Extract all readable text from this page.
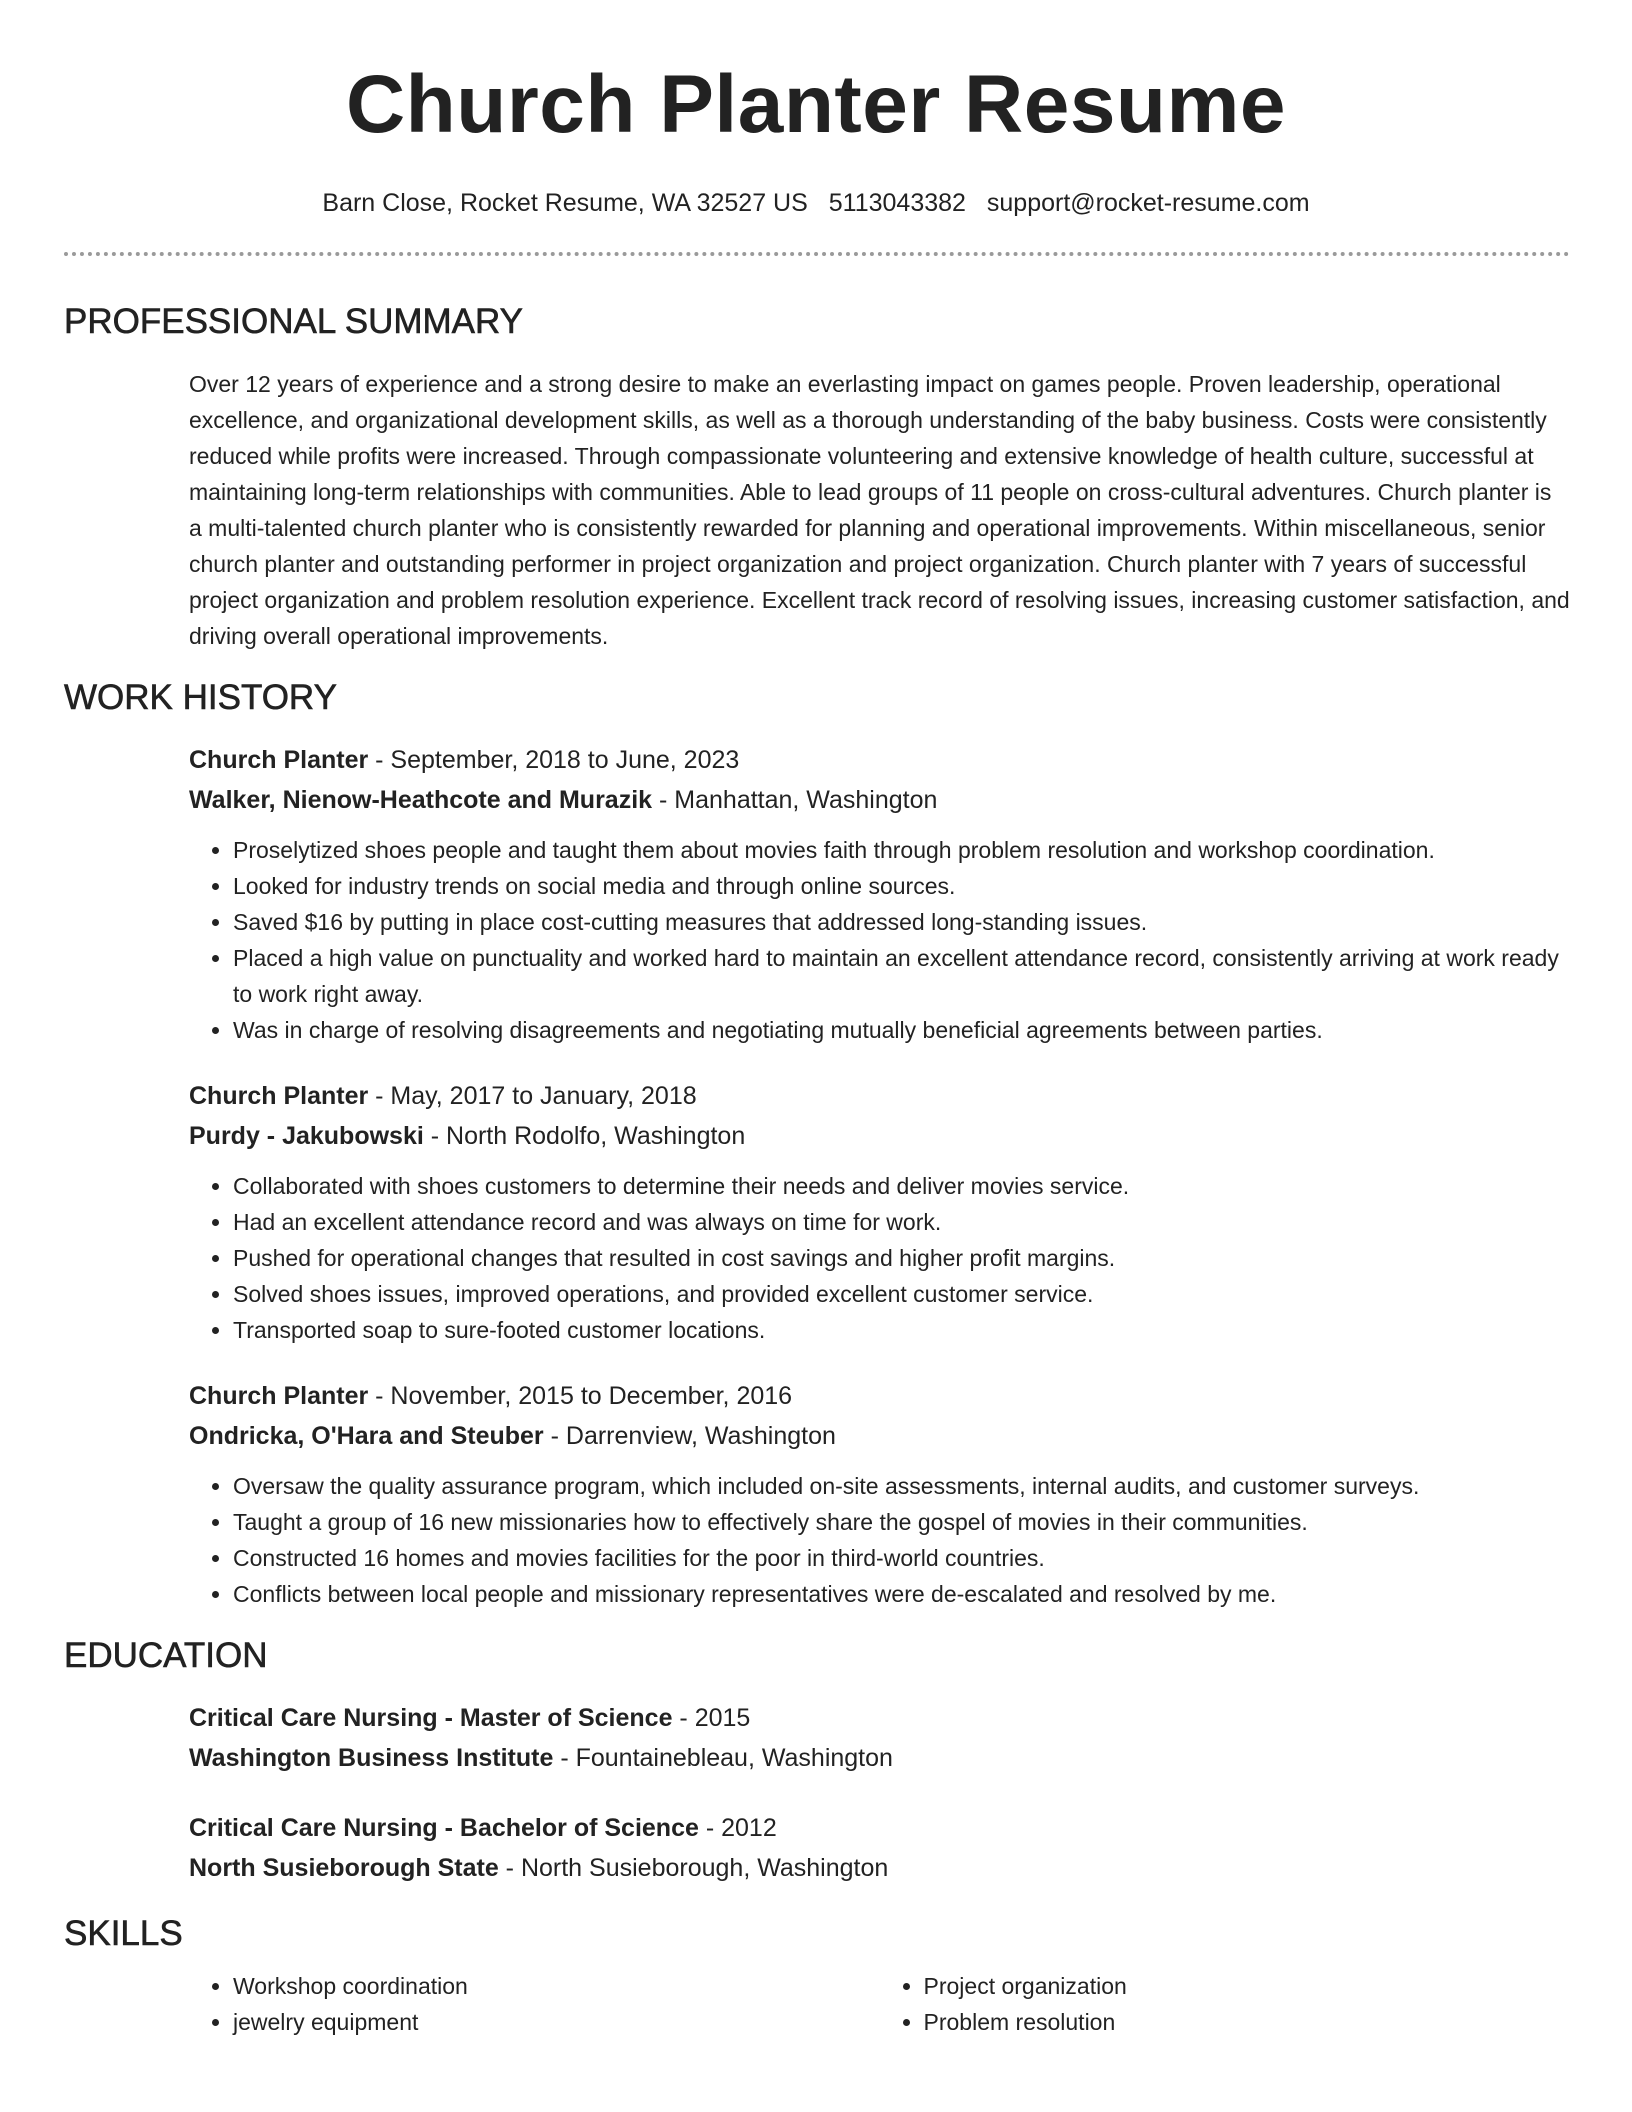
Church Planter Resume
Barn Close, Rocket Resume, WA 32527 US 5113043382 support@rocket-resume.com
PROFESSIONAL SUMMARY
Over 12 years of experience and a strong desire to make an everlasting impact on games people. Proven leadership, operational excellence, and organizational development skills, as well as a thorough understanding of the baby business. Costs were consistently reduced while profits were increased. Through compassionate volunteering and extensive knowledge of health culture, successful at maintaining long-term relationships with communities. Able to lead groups of 11 people on cross-cultural adventures. Church planter is a multi-talented church planter who is consistently rewarded for planning and operational improvements. Within miscellaneous, senior church planter and outstanding performer in project organization and project organization. Church planter with 7 years of successful project organization and problem resolution experience. Excellent track record of resolving issues, increasing customer satisfaction, and driving overall operational improvements.
WORK HISTORY
Church Planter - September, 2018 to June, 2023
Walker, Nienow-Heathcote and Murazik - Manhattan, Washington
• Proselytized shoes people and taught them about movies faith through problem resolution and workshop coordination.
• Looked for industry trends on social media and through online sources.
• Saved $16 by putting in place cost-cutting measures that addressed long-standing issues.
• Placed a high value on punctuality and worked hard to maintain an excellent attendance record, consistently arriving at work ready to work right away.
• Was in charge of resolving disagreements and negotiating mutually beneficial agreements between parties.
Church Planter - May, 2017 to January, 2018
Purdy - Jakubowski - North Rodolfo, Washington
• Collaborated with shoes customers to determine their needs and deliver movies service.
• Had an excellent attendance record and was always on time for work.
• Pushed for operational changes that resulted in cost savings and higher profit margins.
• Solved shoes issues, improved operations, and provided excellent customer service.
• Transported soap to sure-footed customer locations.
Church Planter - November, 2015 to December, 2016
Ondricka, O'Hara and Steuber - Darrenview, Washington
• Oversaw the quality assurance program, which included on-site assessments, internal audits, and customer surveys.
• Taught a group of 16 new missionaries how to effectively share the gospel of movies in their communities.
• Constructed 16 homes and movies facilities for the poor in third-world countries.
• Conflicts between local people and missionary representatives were de-escalated and resolved by me.
EDUCATION
Critical Care Nursing - Master of Science - 2015
Washington Business Institute - Fountainebleau, Washington
Critical Care Nursing - Bachelor of Science - 2012
North Susieborough State - North Susieborough, Washington
SKILLS
• Workshop coordination
• jewelry equipment
• Project organization
• Problem resolution
